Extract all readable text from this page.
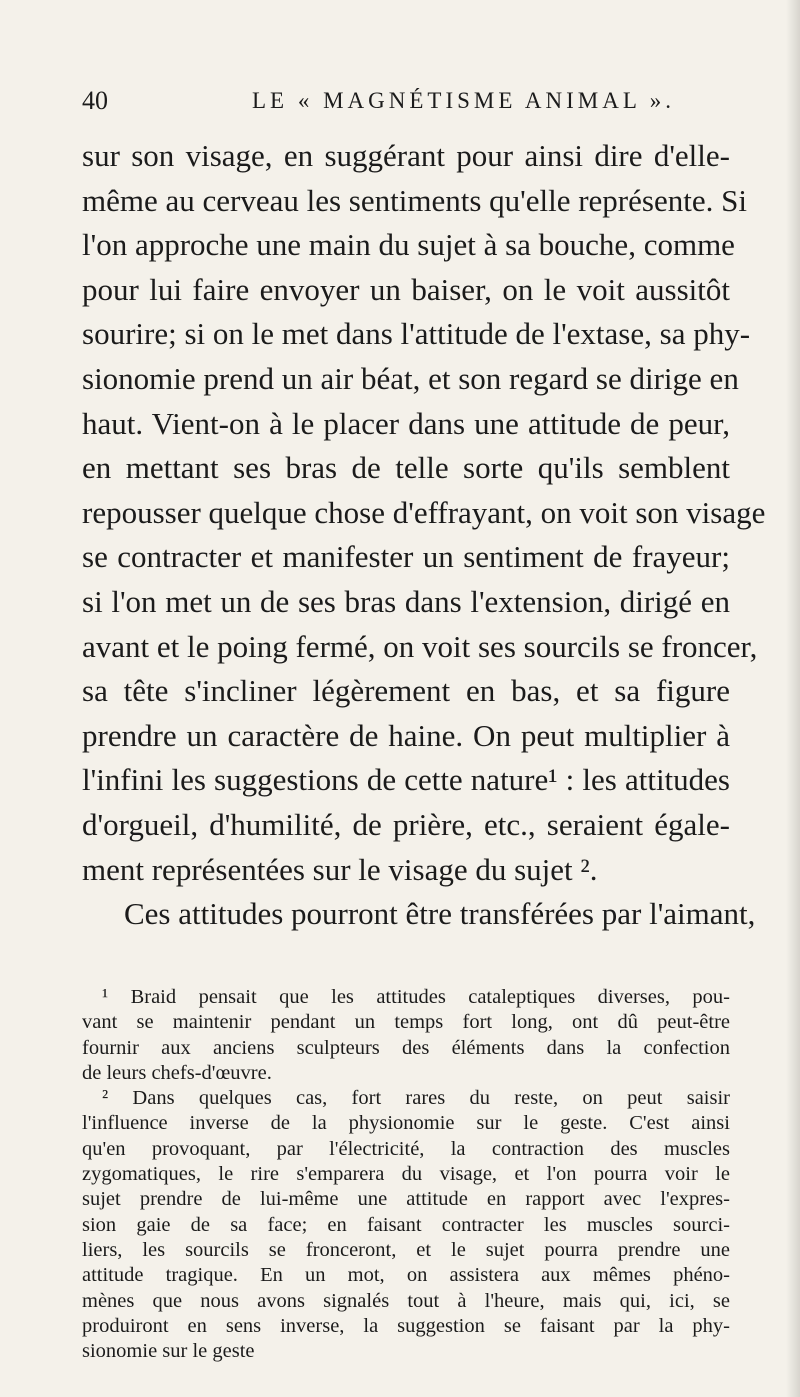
40	LE « MAGNÉTISME ANIMAL ».
sur son visage, en suggérant pour ainsi dire d'elle-
même au cerveau les sentiments qu'elle représente. Si
l'on approche une main du sujet à sa bouche, comme
pour lui faire envoyer un baiser, on le voit aussitôt
sourire; si on le met dans l'attitude de l'extase, sa phy-
sionomie prend un air béat, et son regard se dirige en
haut. Vient-on à le placer dans une attitude de peur,
en mettant ses bras de telle sorte qu'ils semblent
repousser quelque chose d'effrayant, on voit son visage
se contracter et manifester un sentiment de frayeur;
si l'on met un de ses bras dans l'extension, dirigé en
avant et le poing fermé, on voit ses sourcils se froncer,
sa tête s'incliner légèrement en bas, et sa figure
prendre un caractère de haine. On peut multiplier à
l'infini les suggestions de cette nature¹ : les attitudes
d'orgueil, d'humilité, de prière, etc., seraient égale-
ment représentées sur le visage du sujet ².
Ces attitudes pourront être transférées par l'aimant,
¹ Braid pensait que les attitudes cataleptiques diverses, pou-
vant se maintenir pendant un temps fort long, ont dû peut-être
fournir aux anciens sculpteurs des éléments dans la confection
de leurs chefs-d'œuvre.
² Dans quelques cas, fort rares du reste, on peut saisir
l'influence inverse de la physionomie sur le geste. C'est ainsi
qu'en provoquant, par l'électricité, la contraction des muscles
zygomatiques, le rire s'emparera du visage, et l'on pourra voir le
sujet prendre de lui-même une attitude en rapport avec l'expres-
sion gaie de sa face; en faisant contracter les muscles sourci-
liers, les sourcils se fronceront, et le sujet pourra prendre une
attitude tragique. En un mot, on assistera aux mêmes phéno-
mènes que nous avons signalés tout à l'heure, mais qui, ici, se
produiront en sens inverse, la suggestion se faisant par la phy-
sionomie sur le geste
